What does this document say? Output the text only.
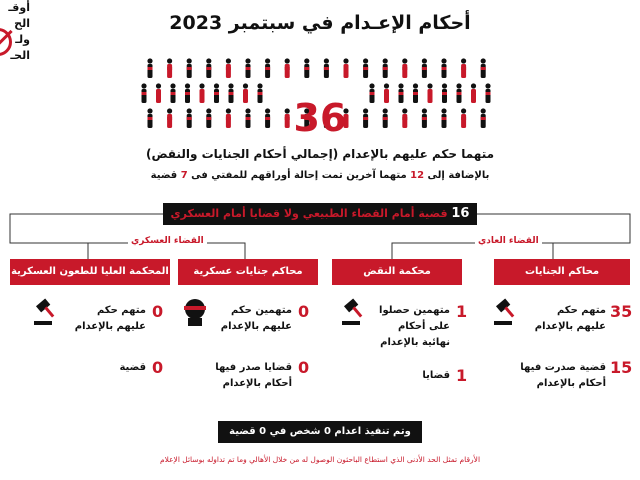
أوقـ
الح
ولـ
الحـ
أحكام الإعـدام في سبتمبر 2023
36
متهما حكم عليهم بالإعدام (إجمالي أحكام الجنايات والنقض)
بالإضافة إلى 12 متهما آخرين تمت إحالة أوراقهم للمفتي فى 7 قضية
16 قضية أمام القضاء الطبيعي ولا قضايا أمام العسكري
القضاء العسكري	القضاء العادي
المحكمة العليا للطعون العسكرية	محاكم جنايات عسكرية	محكمة النقض	محاكم الجنايات
0
متهم حكم عليهم بالإعدام
0
قضية
0
متهمين حكم عليهم بالإعدام
0
قضايا صدر فيها أحكام بالإعدام
1
متهمين حصلوا على أحكام نهائية بالإعدام
1
قضايا
35
متهم حكم عليهم بالإعدام
15
قضية صدرت فيها أحكام بالإعدام
وتم تنفيذ اعدام 0 شخص في 0 قضية
الأرقام تمثل الحد الأدنى الذي استطاع الباحثون الوصول له من خلال الأهالي وما تم تداوله بوسائل الإعلام
